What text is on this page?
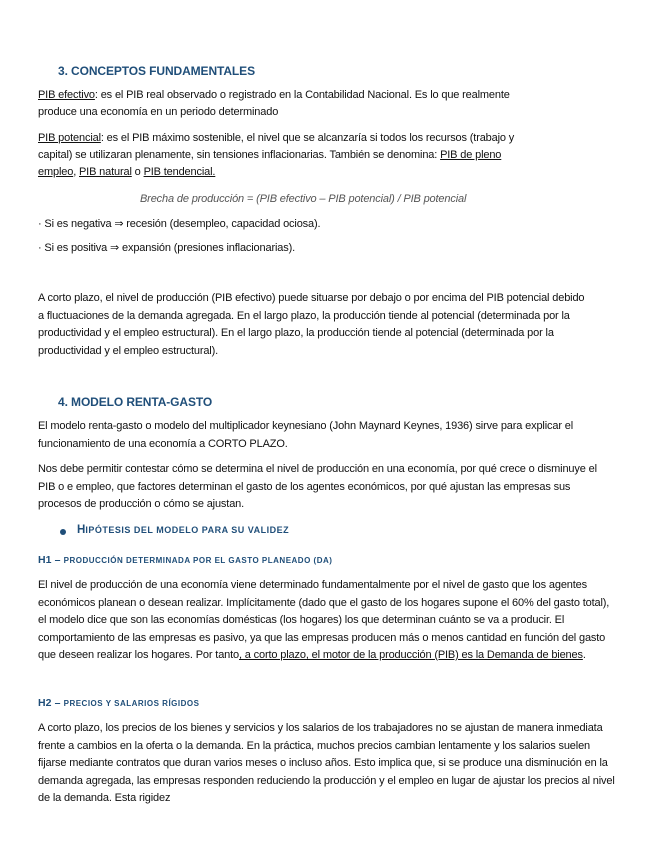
3. CONCEPTOS FUNDAMENTALES
PIB efectivo: es el PIB real observado o registrado en la Contabilidad Nacional. Es lo que realmente
produce una economía en un periodo determinado
PIB potencial: es el PIB máximo sostenible, el nivel que se alcanzaría si todos los recursos (trabajo y
capital) se utilizaran plenamente, sin tensiones inflacionarias. También se denomina: PIB de pleno
empleo, PIB natural o PIB tendencial.
Brecha de producción = (PIB efectivo – PIB potencial) / PIB potencial
· Si es negativa ⇒ recesión (desempleo, capacidad ociosa).
· Si es positiva ⇒ expansión (presiones inflacionarias).

A corto plazo, el nivel de producción (PIB efectivo) puede situarse por debajo o por encima del PIB potencial debido a fluctuaciones de la demanda agregada. En el largo plazo, la producción tiende al potencial (determinada por la productividad y el empleo estructural). En el largo plazo, la producción tiende al potencial (determinada por la productividad y el empleo estructural).

4. MODELO RENTA-GASTO

El modelo renta-gasto o modelo del multiplicador keynesiano (John Maynard Keynes, 1936) sirve para explicar el funcionamiento de una economía a CORTO PLAZO.

Nos debe permitir contestar cómo se determina el nivel de producción en una economía, por qué crece o disminuye el PIB o e empleo, que factores determinan el gasto de los agentes económicos, por qué ajustan las empresas sus procesos de producción o cómo se ajustan.

HIPÓTESIS DEL MODELO PARA SU VALIDEZ
H1 – PRODUCCIÓN DETERMINADA POR EL GASTO PLANEADO (DA)

El nivel de producción de una economía viene determinado fundamentalmente por el nivel de gasto que los agentes económicos planean o desean realizar. Implícitamente (dado que el gasto de los hogares supone el 60% del gasto total), el modelo dice que son las economías domésticas (los hogares) los que determinan cuánto se va a producir. El comportamiento de las empresas es pasivo, ya que las empresas producen más o menos cantidad en función del gasto que deseen realizar los hogares. Por tanto, a corto plazo, el motor de la producción (PIB) es la Demanda de bienes.

H2 – PRECIOS Y SALARIOS RÍGIDOS

A corto plazo, los precios de los bienes y servicios y los salarios de los trabajadores no se ajustan de manera inmediata frente a cambios en la oferta o la demanda. En la práctica, muchos precios cambian lentamente y los salarios suelen fijarse mediante contratos que duran varios meses o incluso años. Esto implica que, si se produce una disminución en la demanda agregada, las empresas responden reduciendo la producción y el empleo en lugar de ajustar los precios al nivel de la demanda. Esta rigidez
